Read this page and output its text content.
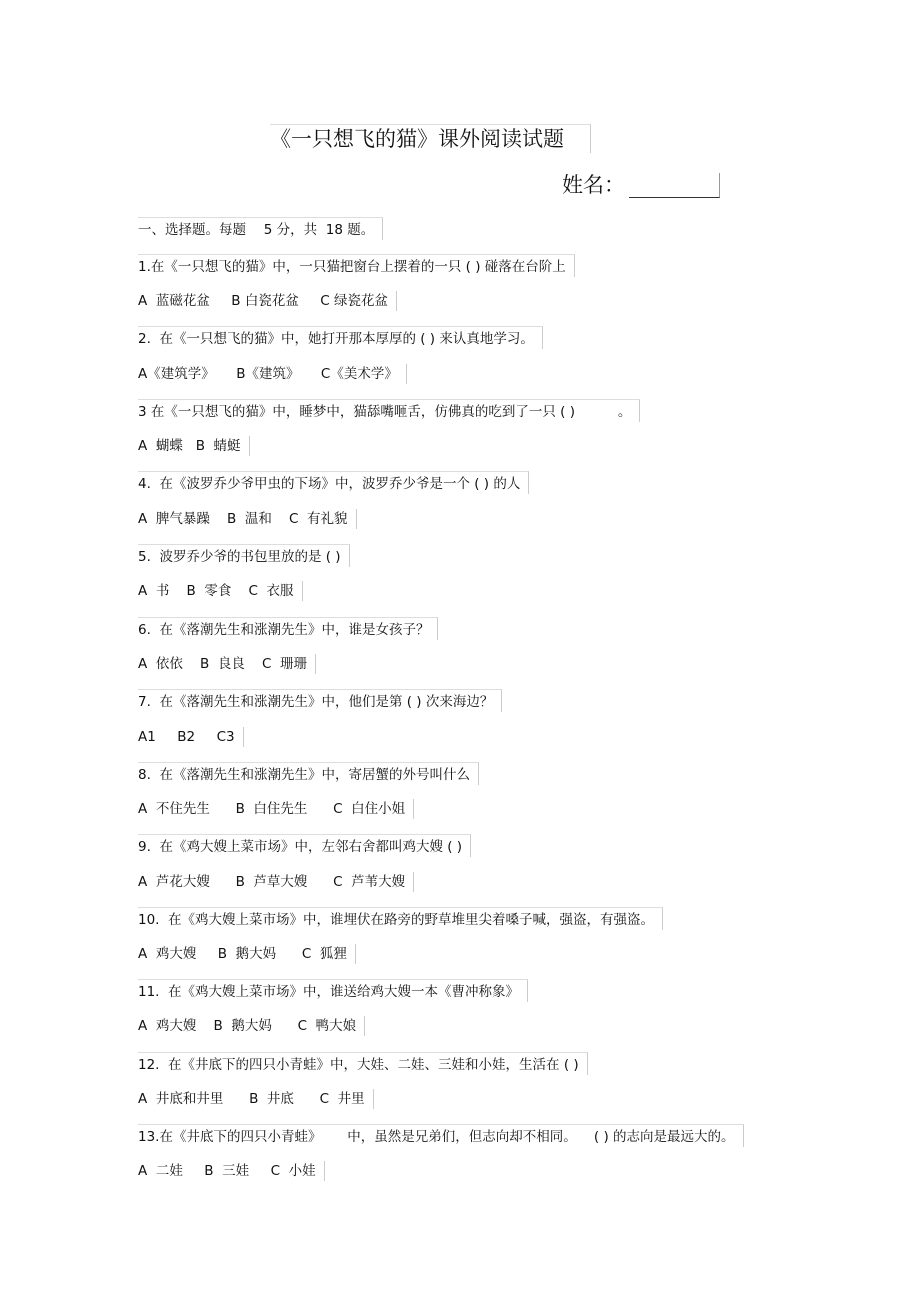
《一只想飞的猫》课外阅读试题
姓名：
一、选择题。每题　 5 分，共  18 题。
1.在《一只想飞的猫》中，一只猫把窗台上摆着的一只 ( ) 碰落在台阶上
A  蓝磁花盆     B 白瓷花盆     C 绿瓷花盆
2.  在《一只想飞的猫》中，她打开那本厚厚的 ( ) 来认真地学习。
A《建筑学》     B《建筑》     C《美术学》
3 在《一只想飞的猫》中，睡梦中，猫舔嘴咂舌，仿佛真的吃到了一只 ( )          。
A  蝴蝶   B  蜻蜓
4.  在《波罗乔少爷甲虫的下场》中，波罗乔少爷是一个 ( ) 的人
A  脾气暴躁    B  温和    C  有礼貌
5.  波罗乔少爷的书包里放的是 ( )
A  书    B  零食    C  衣服
6.  在《落潮先生和涨潮先生》中，谁是女孩子？
A  依依    B  良良    C  珊珊
7.  在《落潮先生和涨潮先生》中，他们是第 ( ) 次来海边？
A1     B2     C3
8.  在《落潮先生和涨潮先生》中，寄居蟹的外号叫什么
A  不住先生      B  白住先生      C  白住小姐
9.  在《鸡大嫂上菜市场》中，左邻右舍都叫鸡大嫂 ( )
A  芦花大嫂      B  芦草大嫂      C  芦苇大嫂
10.  在《鸡大嫂上菜市场》中，谁埋伏在路旁的野草堆里尖着嗓子喊，强盗，有强盗。
A  鸡大嫂     B  鹅大妈      C  狐狸
11.  在《鸡大嫂上菜市场》中，谁送给鸡大嫂一本《曹冲称象》
A  鸡大嫂    B  鹅大妈      C  鸭大娘
12.  在《井底下的四只小青蛙》中，大娃、二娃、三娃和小娃，生活在 ( )
A  井底和井里      B  井底      C  井里
13.在《井底下的四只小青蛙》      中，虽然是兄弟们，但志向却不相同。    ( ) 的志向是最远大的。
A  二娃     B  三娃     C  小娃
